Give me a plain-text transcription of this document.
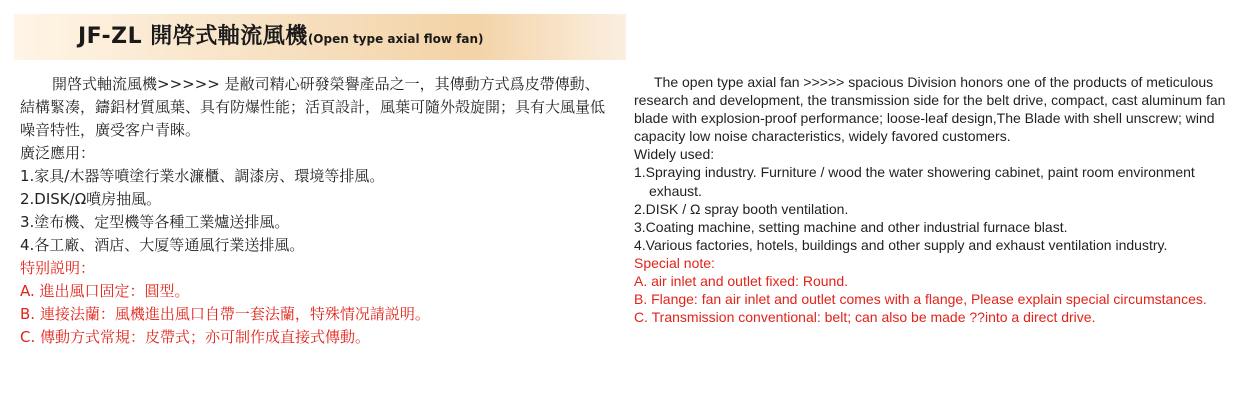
JF-ZL 開啓式軸流風機(Open type axial flow fan)

開啓式軸流風機>>>>> 是敝司精心研發榮譽產品之一，其傳動方式爲皮帶傳動、結構緊凑，鑄鋁材質風葉、具有防爆性能；活頁設計，風葉可隨外殻旋開；具有大風量低噪音特性，廣受客户青睞。

廣泛應用：

1.家具/木器等噴塗行業水濂櫃、調漆房、環境等排風。

2.DISK/Ω噴房抽風。

3.塗布機、定型機等各種工業爐送排風。

4.各工廠、酒店、大厦等通風行業送排風。

特别説明：

A. 進出風口固定：圓型。

B. 連接法蘭：風機進出風口自帶一套法蘭，特殊情况請説明。

C. 傳動方式常規：皮帶式；亦可制作成直接式傳動。

The open type axial fan >>>>> spacious Division honors one of the products of meticulous research and development, the transmission side for the belt drive, compact, cast aluminum fan blade with explosion-proof performance; loose-leaf design,The Blade with shell unscrew; wind capacity low noise characteristics, widely favored customers.

Widely used:

1.Spraying industry. Furniture / wood the water showering cabinet, paint room environment exhaust.

2.DISK / Ω spray booth ventilation.

3.Coating machine, setting machine and other industrial furnace blast.

4.Various factories, hotels, buildings and other supply and exhaust ventilation industry.

Special note:

A. air inlet and outlet fixed: Round.

B. Flange: fan air inlet and outlet comes with a flange, Please explain special circumstances.

C. Transmission conventional: belt; can also be made ??into a direct drive.
